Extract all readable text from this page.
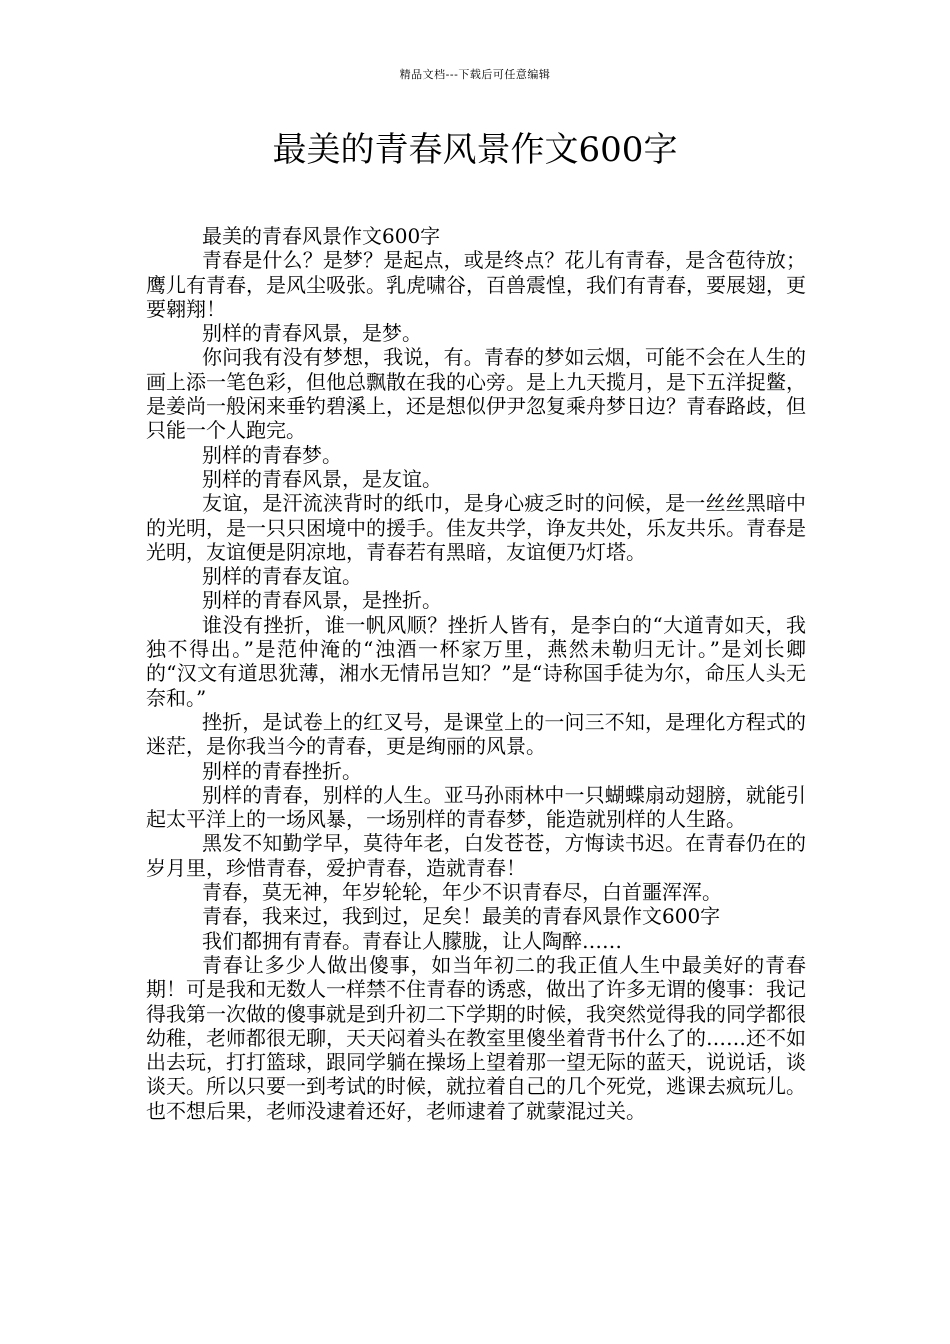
精品文档---下载后可任意编辑
最美的青春风景作文600字

最美的青春风景作文600字

青春是什么？是梦？是起点，或是终点？花儿有青春，是含苞待放；鹰儿有青春，是风尘吸张。乳虎啸谷，百兽震惶，我们有青春，要展翅，更要翱翔！

别样的青春风景，是梦。

你问我有没有梦想，我说，有。青春的梦如云烟，可能不会在人生的画上添一笔色彩，但他总飘散在我的心旁。是上九天揽月，是下五洋捉鳖，是姜尚一般闲来垂钓碧溪上，还是想似伊尹忽复乘舟梦日边？青春路歧，但只能一个人跑完。

别样的青春梦。

别样的青春风景，是友谊。

友谊，是汗流浃背时的纸巾，是身心疲乏时的问候，是一丝丝黑暗中的光明，是一只只困境中的援手。佳友共学，诤友共处，乐友共乐。青春是光明，友谊便是阴凉地，青春若有黑暗，友谊便乃灯塔。

别样的青春友谊。

别样的青春风景，是挫折。

谁没有挫折，谁一帆风顺？挫折人皆有，是李白的“大道青如天，我独不得出。”是范仲淹的“浊酒一杯家万里，燕然未勒归无计。”是刘长卿的“汉文有道思犹薄，湘水无情吊岂知？”是“诗称国手徒为尔，命压人头无奈和。”

挫折，是试卷上的红叉号，是课堂上的一问三不知，是理化方程式的迷茫，是你我当今的青春，更是绚丽的风景。

别样的青春挫折。

别样的青春，别样的人生。亚马孙雨林中一只蝴蝶扇动翅膀，就能引起太平洋上的一场风暴，一场别样的青春梦，能造就别样的人生路。

黑发不知勤学早，莫待年老，白发苍苍，方悔读书迟。在青春仍在的岁月里，珍惜青春，爱护青春，造就青春！

青春，莫无神，年岁轮轮，年少不识青春尽，白首噩浑浑。

青春，我来过，我到过，足矣！最美的青春风景作文600字

我们都拥有青春。青春让人朦胧，让人陶醉……

青春让多少人做出傻事，如当年初二的我正值人生中最美好的青春期！可是我和无数人一样禁不住青春的诱惑，做出了许多无谓的傻事：我记得我第一次做的傻事就是到升初二下学期的时候，我突然觉得我的同学都很幼稚，老师都很无聊，天天闷着头在教室里傻坐着背书什么了的……还不如出去玩，打打篮球，跟同学躺在操场上望着那一望无际的蓝天，说说话，谈谈天。所以只要一到考试的时候，就拉着自己的几个死党，逃课去疯玩儿。也不想后果，老师没逮着还好，老师逮着了就蒙混过关。
